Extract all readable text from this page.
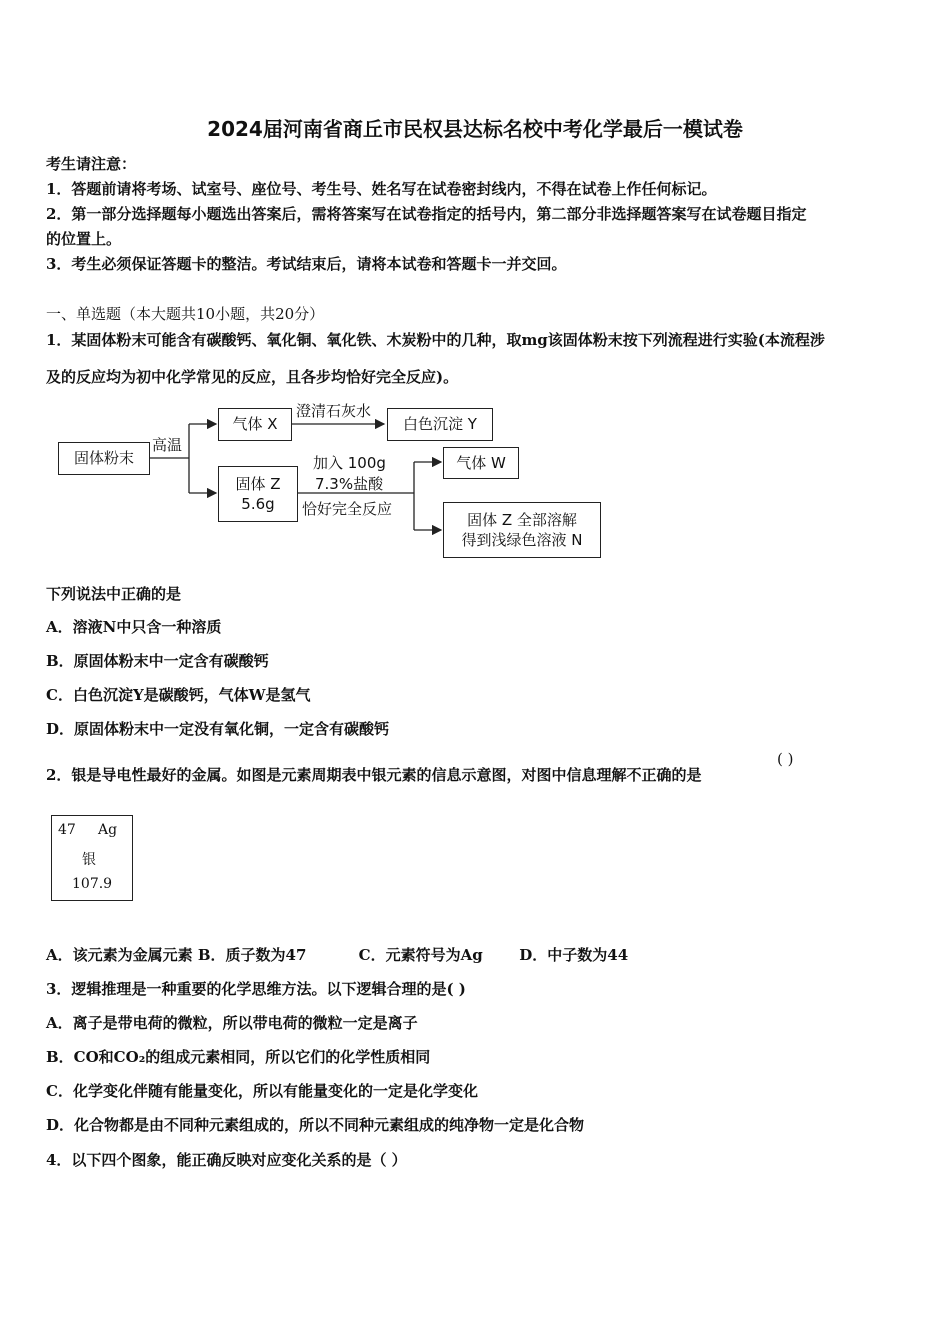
2024届河南省商丘市民权县达标名校中考化学最后一模试卷
考生请注意：
1．答题前请将考场、试室号、座位号、考生号、姓名写在试卷密封线内，不得在试卷上作任何标记。
2．第一部分选择题每小题选出答案后，需将答案写在试卷指定的括号内，第二部分非选择题答案写在试卷题目指定
的位置上。
3．考生必须保证答题卡的整洁。考试结束后，请将本试卷和答题卡一并交回。
一、单选题（本大题共10小题，共20分）
1．某固体粉末可能含有碳酸钙、氧化铜、氧化铁、木炭粉中的几种，取mg该固体粉末按下列流程进行实验(本流程涉
及的反应均为初中化学常见的反应，且各步均恰好完全反应)。
固体粉末
高温
气体 X
澄清石灰水
白色沉淀 Y
固体 Z
5.6g
加入 100g
7.3%盐酸
恰好完全反应
气体 W
固体 Z 全部溶解
得到浅绿色溶液 N
下列说法中正确的是
A．溶液N中只含一种溶质
B．原固体粉末中一定含有碳酸钙
C．白色沉淀Y是碳酸钙，气体W是氢气
D．原固体粉末中一定没有氧化铜，一定含有碳酸钙
2．银是导电性最好的金属。如图是元素周期表中银元素的信息示意图，对图中信息理解不正确的是
( )
47 Ag
银
107.9
A．该元素为金属元素 B．质子数为47          C．元素符号为Ag       D．中子数为44
3．逻辑推理是一种重要的化学思维方法。以下逻辑合理的是( )
A．离子是带电荷的微粒，所以带电荷的微粒一定是离子
B．CO和CO₂的组成元素相同，所以它们的化学性质相同
C．化学变化伴随有能量变化，所以有能量变化的一定是化学变化
D．化合物都是由不同种元素组成的，所以不同种元素组成的纯净物一定是化合物
4．以下四个图象，能正确反映对应变化关系的是（ ）
